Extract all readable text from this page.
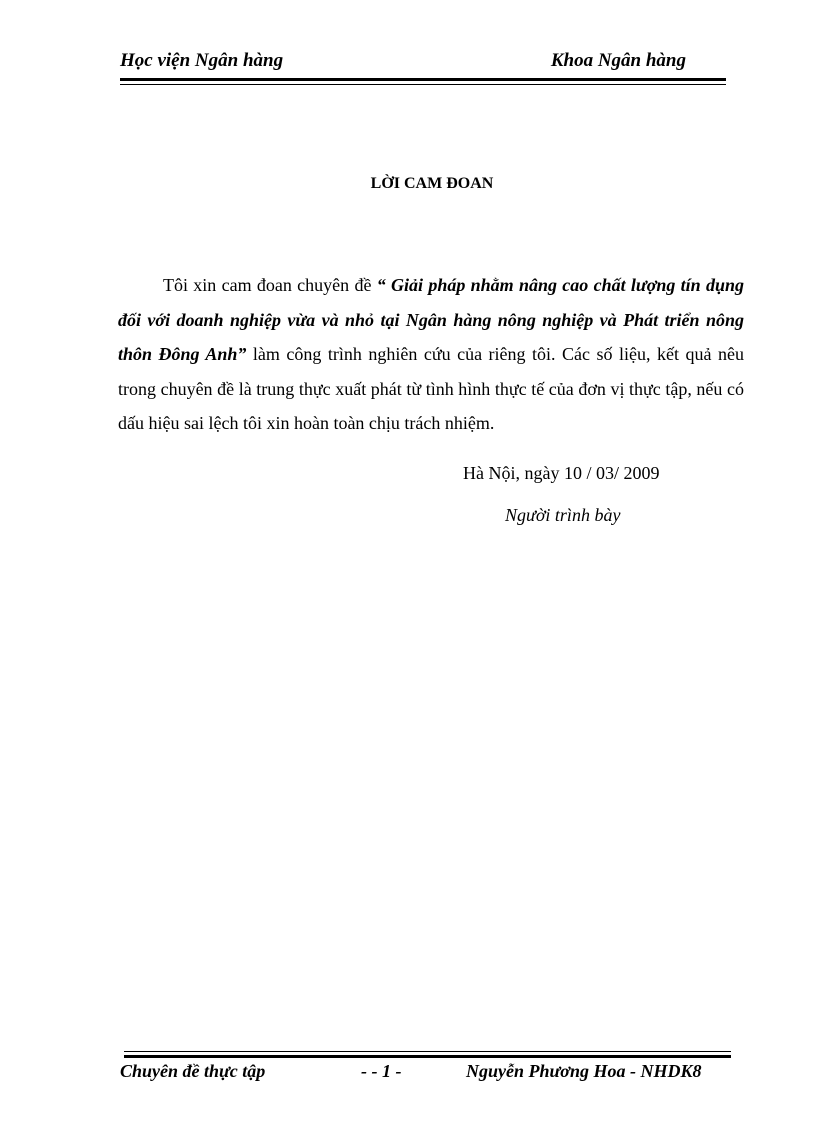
Học viện Ngân hàng	Khoa Ngân hàng
LỜI CAM ĐOAN

Tôi xin cam đoan chuyên đề “ Giải pháp nhằm nâng cao chất lượng tín dụng đối với doanh nghiệp vừa và nhỏ tại Ngân hàng nông nghiệp và Phát triển nông thôn Đông Anh” làm công trình nghiên cứu của riêng tôi. Các số liệu, kết quả nêu trong chuyên đề là trung thực xuất phát từ tình hình thực tế của đơn vị thực tập, nếu có dấu hiệu sai lệch tôi xin hoàn toàn chịu trách nhiệm.

Hà Nội, ngày 10 / 03/ 2009
Người trình bày
Chuyên đề thực tập	- - 1 -	Nguyễn Phương Hoa - NHDK8
